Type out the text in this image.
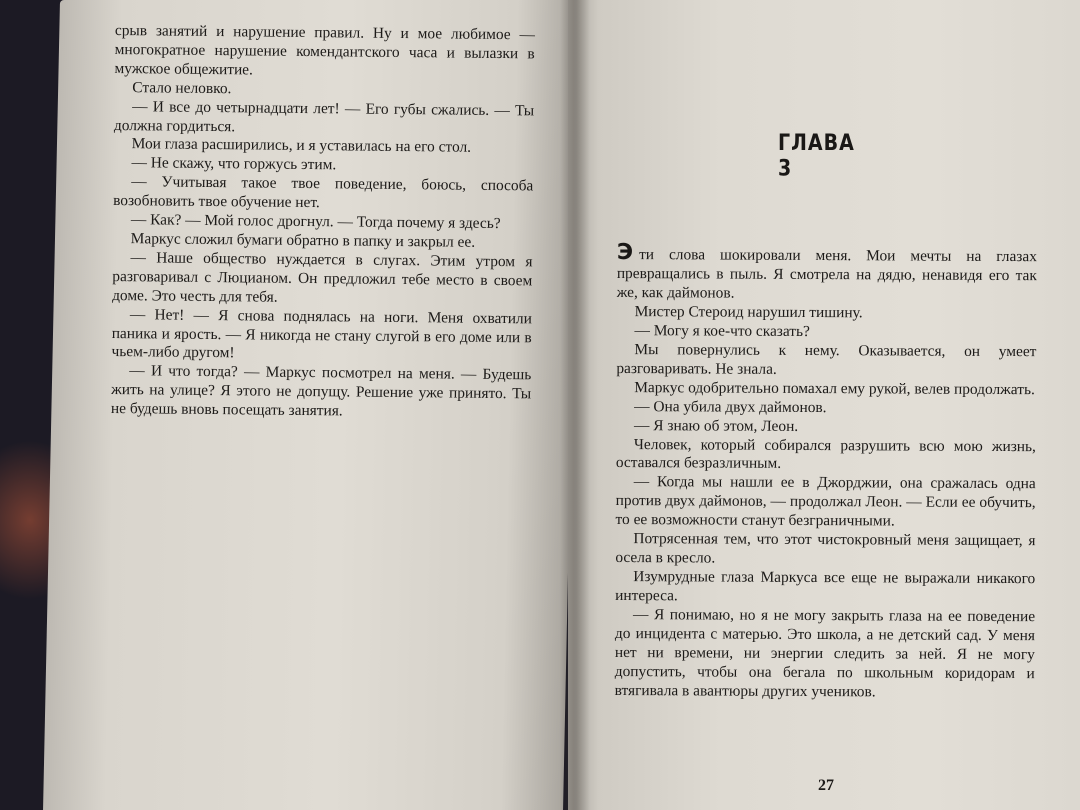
срыв занятий и нарушение правил. Ну и мое любимое — многократное нарушение комендантского часа и вылазки в мужское общежитие.

Стало неловко.

— И все до четырнадцати лет! — Его губы сжались. — Ты должна гордиться.

Мои глаза расширились, и я уставилась на его стол.

— Не скажу, что горжусь этим.

— Учитывая такое твое поведение, боюсь, способа возобновить твое обучение нет.

— Как? — Мой голос дрогнул. — Тогда почему я здесь?

Маркус сложил бумаги обратно в папку и закрыл ее.

— Наше общество нуждается в слугах. Этим утром я разговаривал с Люцианом. Он предложил тебе место в своем доме. Это честь для тебя.

— Нет! — Я снова поднялась на ноги. Меня охватили паника и ярость. — Я никогда не стану слугой в его доме или в чьем-либо другом!

— И что тогда? — Маркус посмотрел на меня. — Будешь жить на улице? Я этого не допущу. Решение уже принято. Ты не будешь вновь посещать занятия.

ГЛАВА 3

Э ти слова шокировали меня. Мои мечты на глазах превращались в пыль. Я смотрела на дядю, ненавидя его так же, как даймонов.

Мистер Стероид нарушил тишину.

— Могу я кое-что сказать?

Мы повернулись к нему. Оказывается, он умеет разговаривать. Не знала.

Маркус одобрительно помахал ему рукой, велев продолжать.

— Она убила двух даймонов.

— Я знаю об этом, Леон.

Человек, который собирался разрушить всю мою жизнь, оставался безразличным.

— Когда мы нашли ее в Джорджии, она сражалась одна против двух даймонов, — продолжал Леон. — Если ее обучить, то ее возможности станут безграничными.

Потрясенная тем, что этот чистокровный меня защищает, я осела в кресло.

Изумрудные глаза Маркуса все еще не выражали никакого интереса.

— Я понимаю, но я не могу закрыть глаза на ее поведение до инцидента с матерью. Это школа, а не детский сад. У меня нет ни времени, ни энергии следить за ней. Я не могу допустить, чтобы она бегала по школьным коридорам и втягивала в авантюры других учеников.

27
